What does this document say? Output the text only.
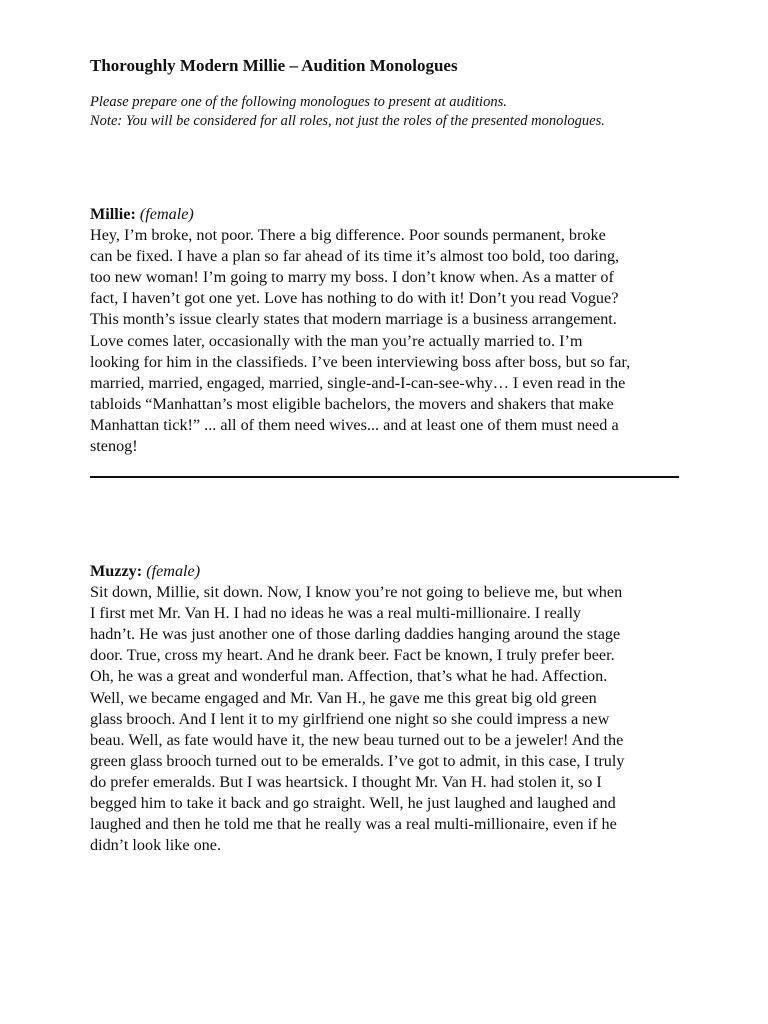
Thoroughly Modern Millie – Audition Monologues
Please prepare one of the following monologues to present at auditions.
Note: You will be considered for all roles, not just the roles of the presented monologues.
Millie: (female)
Hey, I’m broke, not poor. There a big difference. Poor sounds permanent, broke
can be fixed. I have a plan so far ahead of its time it’s almost too bold, too daring,
too new woman! I’m going to marry my boss. I don’t know when. As a matter of
fact, I haven’t got one yet. Love has nothing to do with it! Don’t you read Vogue?
This month’s issue clearly states that modern marriage is a business arrangement.
Love comes later, occasionally with the man you’re actually married to. I’m
looking for him in the classifieds. I’ve been interviewing boss after boss, but so far,
married, married, engaged, married, single-and-I-can-see-why… I even read in the
tabloids “Manhattan’s most eligible bachelors, the movers and shakers that make
Manhattan tick!” ... all of them need wives... and at least one of them must need a
stenog!
Muzzy: (female)
Sit down, Millie, sit down. Now, I know you’re not going to believe me, but when
I first met Mr. Van H. I had no ideas he was a real multi-millionaire. I really
hadn’t. He was just another one of those darling daddies hanging around the stage
door. True, cross my heart. And he drank beer. Fact be known, I truly prefer beer.
Oh, he was a great and wonderful man. Affection, that’s what he had. Affection.
Well, we became engaged and Mr. Van H., he gave me this great big old green
glass brooch. And I lent it to my girlfriend one night so she could impress a new
beau. Well, as fate would have it, the new beau turned out to be a jeweler! And the
green glass brooch turned out to be emeralds. I’ve got to admit, in this case, I truly
do prefer emeralds. But I was heartsick. I thought Mr. Van H. had stolen it, so I
begged him to take it back and go straight. Well, he just laughed and laughed and
laughed and then he told me that he really was a real multi-millionaire, even if he
didn’t look like one.
